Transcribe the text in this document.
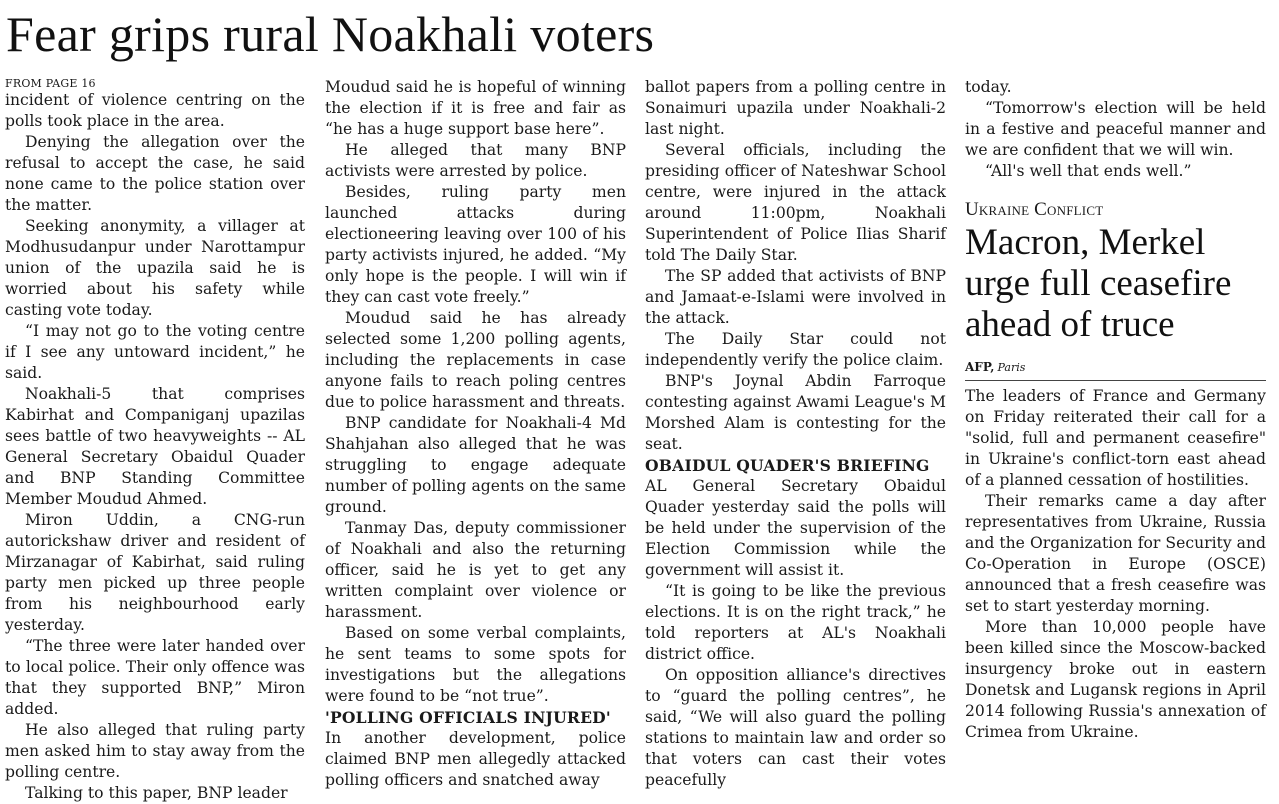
Fear grips rural Noakhali voters
FROM PAGE 16

incident of violence centring on the polls took place in the area.

Denying the allegation over the refusal to accept the case, he said none came to the police station over the matter.

Seeking anonymity, a villager at Modhusudanpur under Narottampur union of the upazila said he is worried about his safety while casting vote today.

“I may not go to the voting centre if I see any untoward incident,” he said.

Noakhali-5 that comprises Kabirhat and Companiganj upazilas sees battle of two heavyweights -- AL General Secretary Obaidul Quader and BNP Standing Committee Member Moudud Ahmed.

Miron Uddin, a CNG-run autorickshaw driver and resident of Mirzanagar of Kabirhat, said ruling party men picked up three people from his neighbourhood early yesterday.

“The three were later handed over to local police. Their only offence was that they supported BNP,” Miron added.

He also alleged that ruling party men asked him to stay away from the polling centre.

Talking to this paper, BNP leader

Moudud said he is hopeful of winning the election if it is free and fair as “he has a huge support base here”.

He alleged that many BNP activists were arrested by police.

Besides, ruling party men launched attacks during electioneering leaving over 100 of his party activists injured, he added. “My only hope is the people. I will win if they can cast vote freely.”

Moudud said he has already selected some 1,200 polling agents, including the replacements in case anyone fails to reach poling centres due to police harassment and threats.

BNP candidate for Noakhali-4 Md Shahjahan also alleged that he was struggling to engage adequate number of polling agents on the same ground.

Tanmay Das, deputy commissioner of Noakhali and also the returning officer, said he is yet to get any written complaint over violence or harassment.

Based on some verbal complaints, he sent teams to some spots for investigations but the allegations were found to be “not true”.

'POLLING OFFICIALS INJURED'

In another development, police claimed BNP men allegedly attacked polling officers and snatched away

ballot papers from a polling centre in Sonaimuri upazila under Noakhali-2 last night.

Several officials, including the presiding officer of Nateshwar School centre, were injured in the attack around 11:00pm, Noakhali Superintendent of Police Ilias Sharif told The Daily Star.

The SP added that activists of BNP and Jamaat-e-Islami were involved in the attack.

The Daily Star could not independently verify the police claim.

BNP's Joynal Abdin Farroque contesting against Awami League's M Morshed Alam is contesting for the seat.

OBAIDUL QUADER'S BRIEFING

AL General Secretary Obaidul Quader yesterday said the polls will be held under the supervision of the Election Commission while the government will assist it.

“It is going to be like the previous elections. It is on the right track,” he told reporters at AL's Noakhali district office.

On opposition alliance's directives to “guard the polling centres”, he said, “We will also guard the polling stations to maintain law and order so that voters can cast their votes peacefully

today.

“Tomorrow's election will be held in a festive and peaceful manner and we are confident that we will win.

“All's well that ends well.”

Ukraine Conflict
Macron, Merkel urge full ceasefire ahead of truce
AFP, Paris

The leaders of France and Germany on Friday reiterated their call for a "solid, full and permanent ceasefire" in Ukraine's conflict-torn east ahead of a planned cessation of hostilities.

Their remarks came a day after representatives from Ukraine, Russia and the Organization for Security and Co-Operation in Europe (OSCE) announced that a fresh ceasefire was set to start yesterday morning.

More than 10,000 people have been killed since the Moscow-backed insurgency broke out in eastern Donetsk and Lugansk regions in April 2014 following Russia's annexation of Crimea from Ukraine.
